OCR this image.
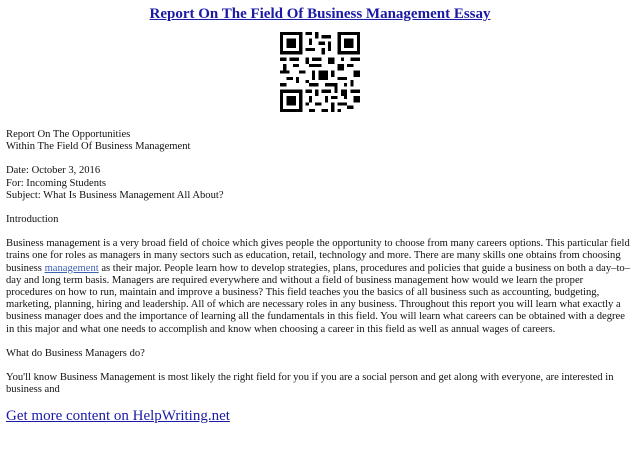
Report On The Field Of Business Management Essay

Report On The Opportunities
Within The Field Of Business Management

Date: October 3, 2016
For: Incoming Students
Subject: What Is Business Management All About?

Introduction

Business management is a very broad field of choice which gives people the opportunity to choose from many careers options. This particular field trains one for roles as managers in many sectors such as education, retail, technology and more. There are many skills one obtains from choosing business management as their major. People learn how to develop strategies, plans, procedures and policies that guide a business on both a day–to–day and long term basis. Managers are required everywhere and without a field of business management how would we learn the proper procedures on how to run, maintain and improve a business? This field teaches you the basics of all business such as accounting, budgeting, marketing, planning, hiring and leadership. All of which are necessary roles in any business. Throughout this report you will learn what exactly a business manager does and the importance of learning all the fundamentals in this field. You will learn what careers can be obtained with a degree in this major and what one needs to accomplish and know when choosing a career in this field as well as annual wages of careers.

What do Business Managers do?

You'll know Business Management is most likely the right field for you if you are a social person and get along with everyone, are interested in business and

Get more content on HelpWriting.net
